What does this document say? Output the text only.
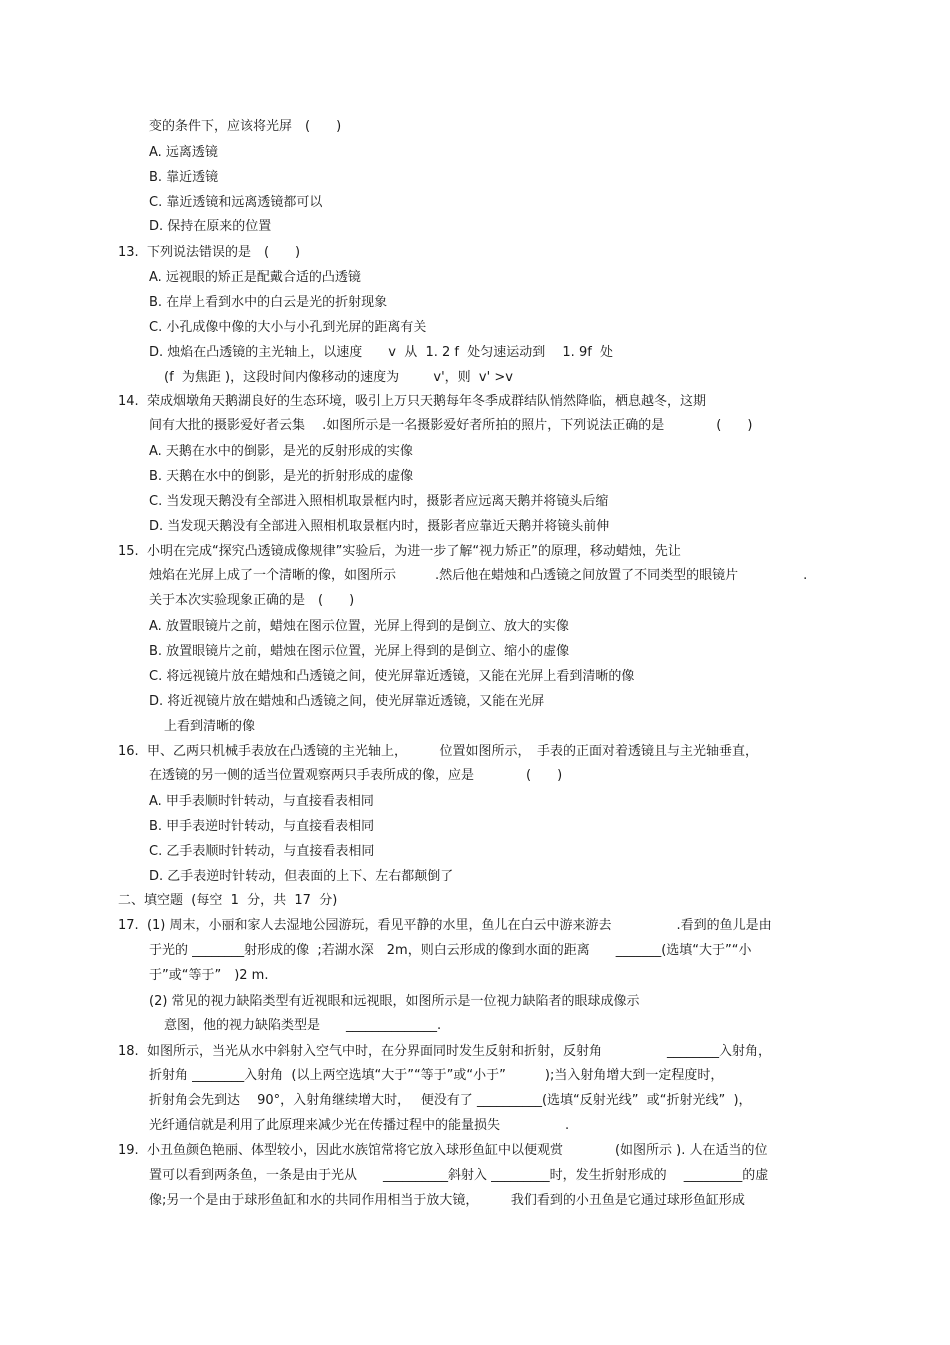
变的条件下，应该将光屏　(　　)
A. 远离透镜
B. 靠近透镜
C. 靠近透镜和远离透镜都可以
D. 保持在原来的位置
13.  下列说法错误的是　(　　)
A. 远视眼的矫正是配戴合适的凸透镜
B. 在岸上看到水中的白云是光的折射现象
C. 小孔成像中像的大小与小孔到光屏的距离有关
D. 烛焰在凸透镜的主光轴上，以速度　　v  从  1. 2 f  处匀速运动到　 1. 9f  处
(f  为焦距 )，这段时间内像移动的速度为　　  v'，则  v' >v
14.  荣成烟墩角天鹅湖良好的生态环境，吸引上万只天鹅每年冬季成群结队悄然降临，栖息越冬，这期
间有大批的摄影爱好者云集　 .如图所示是一名摄影爱好者所拍的照片，下列说法正确的是　　　　(　　)
A. 天鹅在水中的倒影，是光的反射形成的实像
B. 天鹅在水中的倒影，是光的折射形成的虚像
C. 当发现天鹅没有全部进入照相机取景框内时，摄影者应远离天鹅并将镜头后缩
D. 当发现天鹅没有全部进入照相机取景框内时，摄影者应靠近天鹅并将镜头前伸
15.  小明在完成“探究凸透镜成像规律”实验后，为进一步了解“视力矫正”的原理，移动蜡烛，先让
烛焰在光屏上成了一个清晰的像，如图所示　　　.然后他在蜡烛和凸透镜之间放置了不同类型的眼镜片　　　　　.
关于本次实验现象正确的是　(　　)
A. 放置眼镜片之前，蜡烛在图示位置，光屏上得到的是倒立、放大的实像
B. 放置眼镜片之前，蜡烛在图示位置，光屏上得到的是倒立、缩小的虚像
C. 将远视镜片放在蜡烛和凸透镜之间，使光屏靠近透镜，又能在光屏上看到清晰的像
D. 将近视镜片放在蜡烛和凸透镜之间，使光屏靠近透镜，又能在光屏
上看到清晰的像
16.  甲、乙两只机械手表放在凸透镜的主光轴上，　　　位置如图所示，　手表的正面对着透镜且与主光轴垂直，
在透镜的另一侧的适当位置观察两只手表所成的像，应是　　　　(　　)
A. 甲手表顺时针转动，与直接看表相同
B. 甲手表逆时针转动，与直接看表相同
C. 乙手表顺时针转动，与直接看表相同
D. 乙手表逆时针转动，但表面的上下、左右都颠倒了
二、填空题  (每空  1  分，共  17  分)
17.  (1) 周末，小丽和家人去湿地公园游玩，看见平静的水里，鱼儿在白云中游来游去　　　　　.看到的鱼儿是由
于光的 ________射形成的像  ;若湖水深　2m，则白云形成的像到水面的距离　　_______(选填“大于”“小
于”或“等于”　)2 m.
(2) 常见的视力缺陷类型有近视眼和远视眼，如图所示是一位视力缺陷者的眼球成像示
意图，他的视力缺陷类型是　　______________.
18.  如图所示，当光从水中斜射入空气中时，在分界面同时发生反射和折射，反射角　　　　　________入射角，
折射角 ________入射角  (以上两空选填“大于”“等于”或“小于”　　　);当入射角增大到一定程度时，
折射角会先到达　 90°，入射角继续增大时，　 便没有了 __________(选填“反射光线”  或“折射光线”  )，
光纤通信就是利用了此原理来减少光在传播过程中的能量损失　　　　　.
19.  小丑鱼颜色艳丽、体型较小，因此水族馆常将它放入球形鱼缸中以便观赏　　　　(如图所示 ). 人在适当的位
置可以看到两条鱼，一条是由于光从　　__________斜射入 _________时，发生折射形成的　 _________的虚
像;另一个是由于球形鱼缸和水的共同作用相当于放大镜，　　　我们看到的小丑鱼是它通过球形鱼缸形成
